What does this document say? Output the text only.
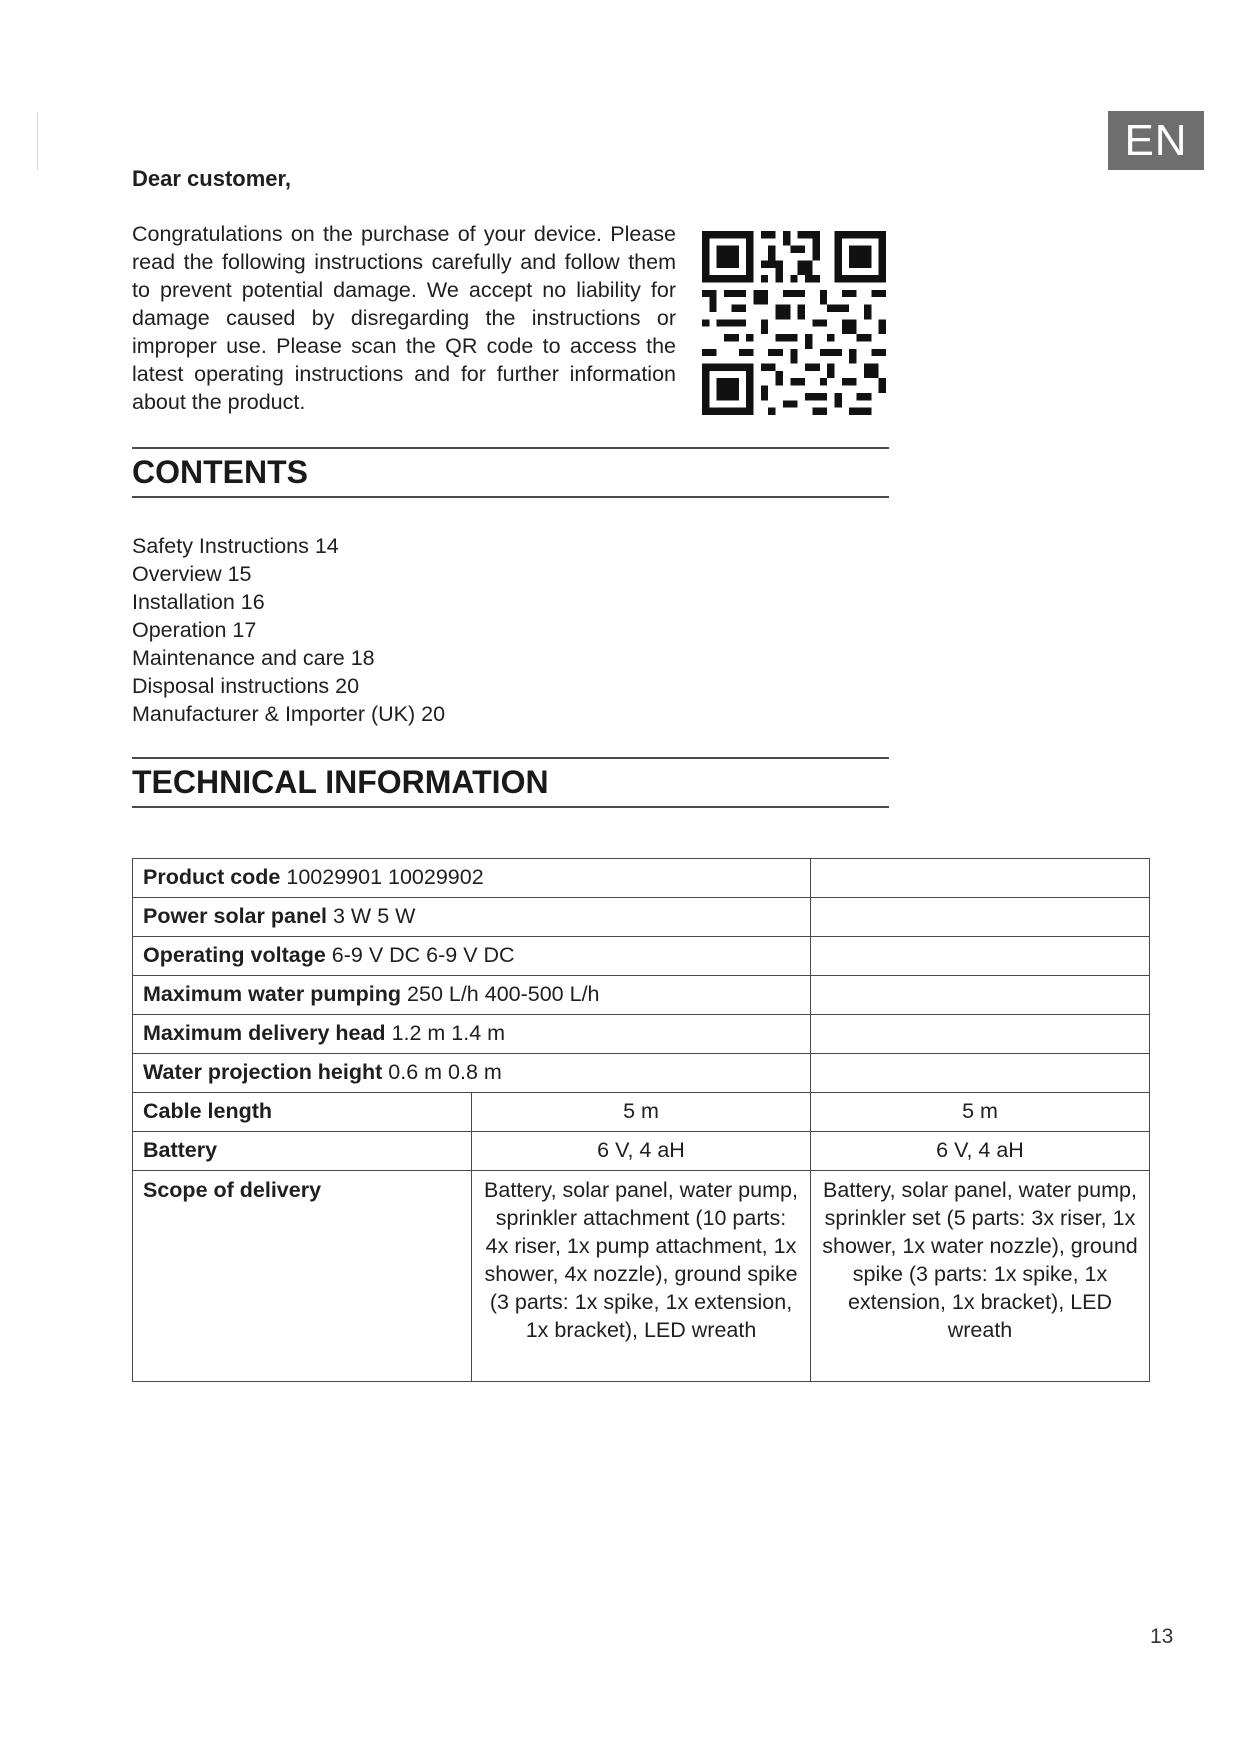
EN

Dear customer,

Congratulations on the purchase of your device. Please read the following instructions carefully and follow them to prevent potential damage. We accept no liability for damage caused by disregarding the instructions or improper use. Please scan the QR code to access the latest operating instructions and for further information about the product.

CONTENTS
Safety Instructions 14
Overview 15
Installation 16
Operation 17
Maintenance and care 18
Disposal instructions 20
Manufacturer & Importer (UK) 20
TECHNICAL INFORMATION
Product code 10029901 10029902		
Power solar panel 3 W 5 W		
Operating voltage 6-9 V DC 6-9 V DC		
Maximum water pumping 250 L/h 400-500 L/h		
Maximum delivery head 1.2 m 1.4 m		
Water projection height 0.6 m 0.8 m		
Cable length	5 m	5 m
Battery	6 V, 4 aH	6 V, 4 aH
Scope of delivery	Battery, solar panel, water pump, sprinkler attachment (10 parts: 4x riser, 1x pump attachment, 1x shower, 4x nozzle), ground spike (3 parts: 1x spike, 1x extension, 1x bracket), LED wreath	Battery, solar panel, water pump, sprinkler set (5 parts: 3x riser, 1x shower, 1x water nozzle), ground spike (3 parts: 1x spike, 1x extension, 1x bracket), LED wreath
13
